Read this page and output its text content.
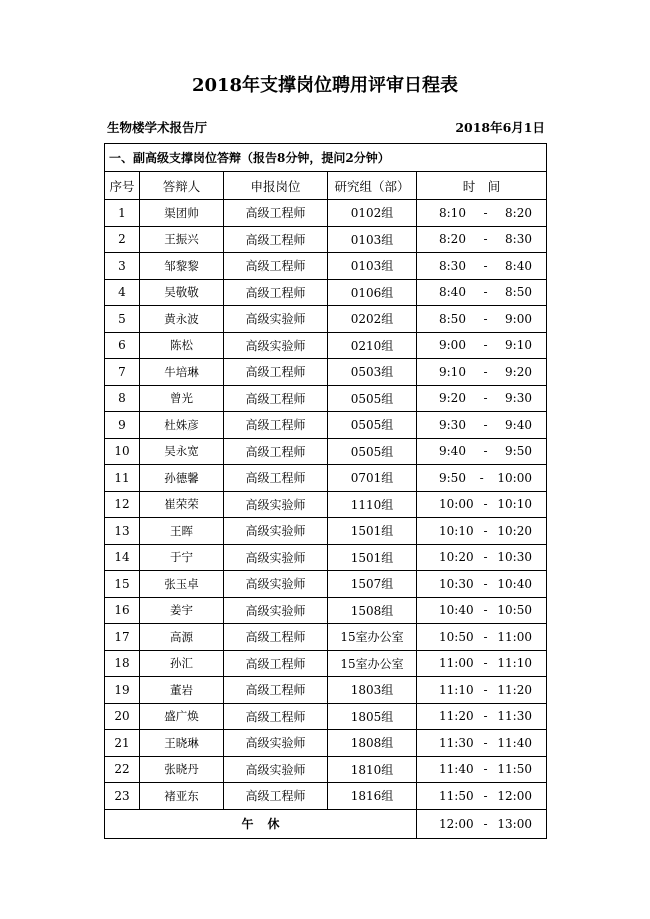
2018年支撑岗位聘用评审日程表
生物楼学术报告厅	2018年6月1日
一、副高级支撑岗位答辩（报告8分钟，提问2分钟）				
序号	答辩人	申报岗位	研究组（部）	时　间
1	渠团帅	高级工程师	0102组	8:10 - 8:20

2	王振兴	高级工程师	0103组	8:20 - 8:30

3	邹黎黎	高级工程师	0103组	8:30 - 8:40

4	吴敬敬	高级工程师	0106组	8:40 - 8:50

5	黄永波	高级实验师	0202组	8:50 - 9:00

6	陈松	高级实验师	0210组	9:00 - 9:10

7	牛培琳	高级工程师	0503组	9:10 - 9:20

8	曾光	高级工程师	0505组	9:20 - 9:30

9	杜姝彦	高级工程师	0505组	9:30 - 9:40

10	吴永宽	高级工程师	0505组	9:40 - 9:50

11	孙德馨	高级工程师	0701组	9:50 - 10:00

12	崔荣荣	高级实验师	1110组	10:00 - 10:10

13	王晖	高级实验师	1501组	10:10 - 10:20

14	于宁	高级实验师	1501组	10:20 - 10:30

15	张玉卓	高级实验师	1507组	10:30 - 10:40

16	姜宇	高级实验师	1508组	10:40 - 10:50

17	高源	高级工程师	15室办公室	10:50 - 11:00

18	孙汇	高级工程师	15室办公室	11:00 - 11:10

19	董岩	高级工程师	1803组	11:10 - 11:20

20	盛广焕	高级工程师	1805组	11:20 - 11:30

21	王晓琳	高级实验师	1808组	11:30 - 11:40

22	张晓丹	高级实验师	1810组	11:40 - 11:50

23	褚亚东	高级工程师	1816组	11:50 - 12:00

午休				12:00 - 13:00
